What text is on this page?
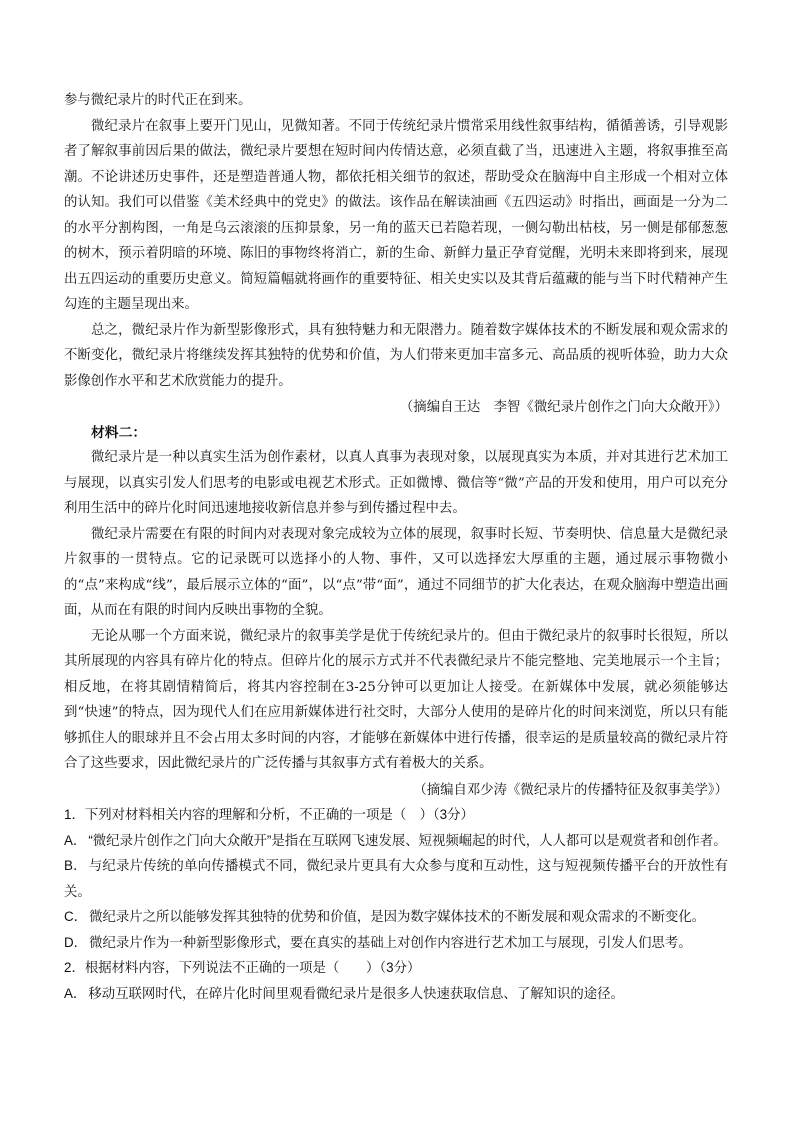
参与微纪录片的时代正在到来。

微纪录片在叙事上要开门见山，见微知著。不同于传统纪录片惯常采用线性叙事结构，循循善诱，引导观影者了解叙事前因后果的做法，微纪录片要想在短时间内传情达意，必须直截了当，迅速进入主题，将叙事推至高潮。不论讲述历史事件，还是塑造普通人物，都依托相关细节的叙述，帮助受众在脑海中自主形成一个相对立体的认知。我们可以借鉴《美术经典中的党史》的做法。该作品在解读油画《五四运动》时指出，画面是一分为二的水平分割构图，一角是乌云滚滚的压抑景象，另一角的蓝天已若隐若现，一侧勾勒出枯枝，另一侧是郁郁葱葱的树木，预示着阴暗的环境、陈旧的事物终将消亡，新的生命、新鲜力量正孕育觉醒，光明未来即将到来，展现出五四运动的重要历史意义。简短篇幅就将画作的重要特征、相关史实以及其背后蕴藏的能与当下时代精神产生勾连的主题呈现出来。

总之，微纪录片作为新型影像形式，具有独特魅力和无限潜力。随着数字媒体技术的不断发展和观众需求的不断变化，微纪录片将继续发挥其独特的优势和价值，为人们带来更加丰富多元、高品质的视听体验，助力大众影像创作水平和艺术欣赏能力的提升。

（摘编自王达　李智《微纪录片创作之门向大众敞开》）

材料二：

微纪录片是一种以真实生活为创作素材，以真人真事为表现对象，以展现真实为本质，并对其进行艺术加工与展现，以真实引发人们思考的电影或电视艺术形式。正如微博、微信等“微”产品的开发和使用，用户可以充分利用生活中的碎片化时间迅速地接收新信息并参与到传播过程中去。

微纪录片需要在有限的时间内对表现对象完成较为立体的展现，叙事时长短、节奏明快、信息量大是微纪录片叙事的一贯特点。它的记录既可以选择小的人物、事件，又可以选择宏大厚重的主题，通过展示事物微小的“点”来构成“线”，最后展示立体的“面”，以“点”带“面”，通过不同细节的扩大化表达，在观众脑海中塑造出画面，从而在有限的时间内反映出事物的全貌。

无论从哪一个方面来说，微纪录片的叙事美学是优于传统纪录片的。但由于微纪录片的叙事时长很短，所以其所展现的内容具有碎片化的特点。但碎片化的展示方式并不代表微纪录片不能完整地、完美地展示一个主旨；相反地，在将其剧情精简后，将其内容控制在3-25分钟可以更加让人接受。在新媒体中发展，就必须能够达到“快速”的特点，因为现代人们在应用新媒体进行社交时，大部分人使用的是碎片化的时间来浏览，所以只有能够抓住人的眼球并且不会占用太多时间的内容，才能够在新媒体中进行传播，很幸运的是质量较高的微纪录片符合了这些要求，因此微纪录片的广泛传播与其叙事方式有着极大的关系。

（摘编自邓少涛《微纪录片的传播特征及叙事美学》）

1．下列对材料相关内容的理解和分析，不正确的一项是（　）（3分）

A． “微纪录片创作之门向大众敞开”是指在互联网飞速发展、短视频崛起的时代，人人都可以是观赏者和创作者。

B． 与纪录片传统的单向传播模式不同，微纪录片更具有大众参与度和互动性，这与短视频传播平台的开放性有关。

C． 微纪录片之所以能够发挥其独特的优势和价值，是因为数字媒体技术的不断发展和观众需求的不断变化。

D． 微纪录片作为一种新型影像形式，要在真实的基础上对创作内容进行艺术加工与展现，引发人们思考。

2．根据材料内容，下列说法不正确的一项是（　　）（3分）

A． 移动互联网时代，在碎片化时间里观看微纪录片是很多人快速获取信息、了解知识的途径。
